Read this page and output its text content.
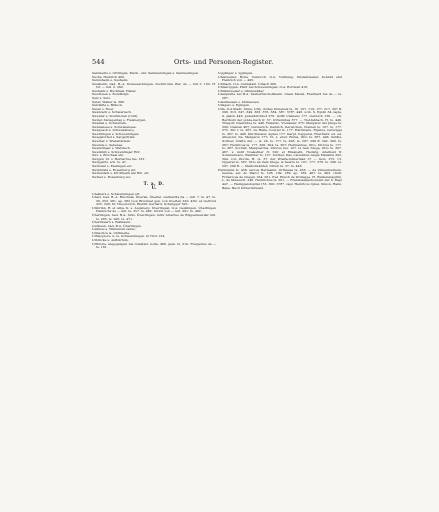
544	Orts- und Personen-Register.

Sammerle s. Ortlingen, Merk., unt. Sammersingen s. Sammeringen.

Suchs, Heinrich 400.

Sunnsheim s. Susheim.

Sussheim, bad. B.-A. Donaueschingen, Suchbrunn, Ber. de — mit 5. 102, H. Nr. — mit. 2. 292.

Susheim s. Buchhalt, Haber.

Suschwen s. Bondhuijn.

Sulz s. Sulz.

Suter, Walter ls. 380.

Sulstätte s. Bräuck.

Suser s. Nuel.

Swarzach s. Schwarzach.

Sweider s. Sturnhofen (rulit).

Swiler, Swiegentag s. Fleisbergen.

Swamel s. Schwebeln.

Swanensee s. Schwanensee.

Swaypach s. Schwabsberg.

Swehringen s. Schwenningen.

Swagstorfed s. Sargertrain.

Swelber s. Wielandstein.

Swende s. Sebenee.

Swandinger s. Wetzlach.

Swemhilt s. Schwenlinger Höf.

Swi. s. Bruchsal ein.

Swigen, Ul. v. Herbertue tus. 181.

Swiggertz, sch. ts. 47.

Swibuler s. Esslingen etc.

Swinbrata s. Rosenburg etr.

Switendart s. Kirchheim am Rm. ett.

Swlner s. Rosenburg etc.

T. a. D.
U.

Ubelhers s. Schwenningen ett.

Uberl. bad. B.-A. Bruchsal, Überlei, Überlei. Gerhardts ßa — mit. 7. ts. 47. ts. 30. 253. 281. ap. 382 (von Bruchsal gen. von Overlei) 320. 430; ux Gertrud 225. 320; Sl; Theodorich, Riebilf, Gerhard, Schwigger 325.

Ulzbrinn, R. et Alba, K. s. Augsberg. Überlingen, O.A. Geislingen, Überlingen Heinrichs de — mit. ts. 257. ts. 482. Ulrich von — mit. 291. ts. 482.

Überlingen, bad. B.A. Stüx, Überlingen: mlür Albertus de Rüppenkewiler mil. ts. 205. ts. 206. ts. 471.

Überlinsern s. Bellhaum.

Ueblisen, bad. B.A. Überlingen.

Uelmiss s. Wintenum sarus.

Ulinsotica is. Ubthkerie.

Ulhisoptore, n. ls. Schwenningen. in Tirol 124.

Ulbrücke s. Aufbürtsin.

Ulfürohe, abgegangen bei Canstatt. nolla. 466. pleb. ts. 210. Freigerius de — ts. 181.

Ugglinger s. Iggingen.

Uhenweiler, Hohe. Neubroh. O.A. Tettnang, Uhslatzweiler, Konrad und Heinrich von — 405.

Uhlbach. O.A. Cannstatt. Ulbach 306.

Uhlenriggen, Pfarr bei Schwenningen, O.A. Rottweil 418.

Uhlzhinweiler s. Ohnmwailer.

Uiestplatte bei B.A. Tauberbischofsheim. Uisen Menis, Eberhard tus de — ts. 287.

Uiselhausen s. Ulnhausen.

Uilsgero s. Egingen.

Ulm, O.A.Stadt, Ulme, Ulm, civitas Ulmensis ts. 16. 107. 119. 177. 217. 307 ff. 306. 313. 347. 349. 363. 376. 384. 387. 378*. 446. scib. S. Egidii 34 capla. S. Jakob 446. Jedenkirchhof 276. mdlit Clemens 177. Gerwich 139. — civ. Berthold der golde-nach tr. 37. Ulrleminus 377. — Tief-fahtach, H. ts. 446. Triegolf, Dienoldue ts. 446. Falzetko, Vrenkeler 375; Margaret der Jünge ts. 300; Clemen 467. Gerwerich, Gemlich, Gerwichen, Clemen ts. 107. ts. 177. 275. 301 f. ts. 367. de Halla, Conrad ts. 177. Harrmann, Figulus, Gerwiges ts. 367. ts. 446. Kürchmaier, Agnes 177. Karpf, Capperel, Eberhard, ed. ed. Albelond, Sn. Margarot 177; Ct. s. ebur. Rufus, Otto ts. 367. 446. Sutilis, Scriber, Craftu der. — ts. 24. ts. 177. ts. 296. ts. 297. 299 ff. 302. 306. ts. 367; Heinricus ts. 177. 306. 304. ts. 367; Hermannus, Otto, Ulricus ts. 177. ts. 367. Scrider, Marquardus, Ulricus tus. 107. ts dem Stege, Otto ts. 367. 467. s. mdit Noekether fr. Stir. et Elisabeth, Hedwig, Adelheid fr. Sommerwacs, Warmter ts. 127. Scriber, Das consulibus Angle Mansitis 302, 304. von Worda, H. ts. 37. der Wielfa-Schlerman 37 — mon. 275. Ct. Opperal ts. 367. Otto an dem Stege, is Seeriu ts. 107. 177. 276. ts. 296. ts. 297. 299 ff. — Stalhofwärder; Ulrich ts. 37. ts. 446.

Hermanns ts. 456. servus Hermanni. Orthieles ts. 456. — de Ulinenmerkum-mende, ser. Al. Marci ts. 106. 109. 189. ap. 189. 467. ts. 463. cmllt. Fridericus de Giugen 164. 261. frat. Ebach de Wolfegge. H. Waltersmagrim. L. de Shreesch. 246. Heinrichus ts. 261. — Franziskanerkonvent der S. Rapi 447. — Heiliggeistspital 155. 300. 378*. capl. Heinricus rgnel. Simon, Raim. Bane, Bacii Ultherishwald.
